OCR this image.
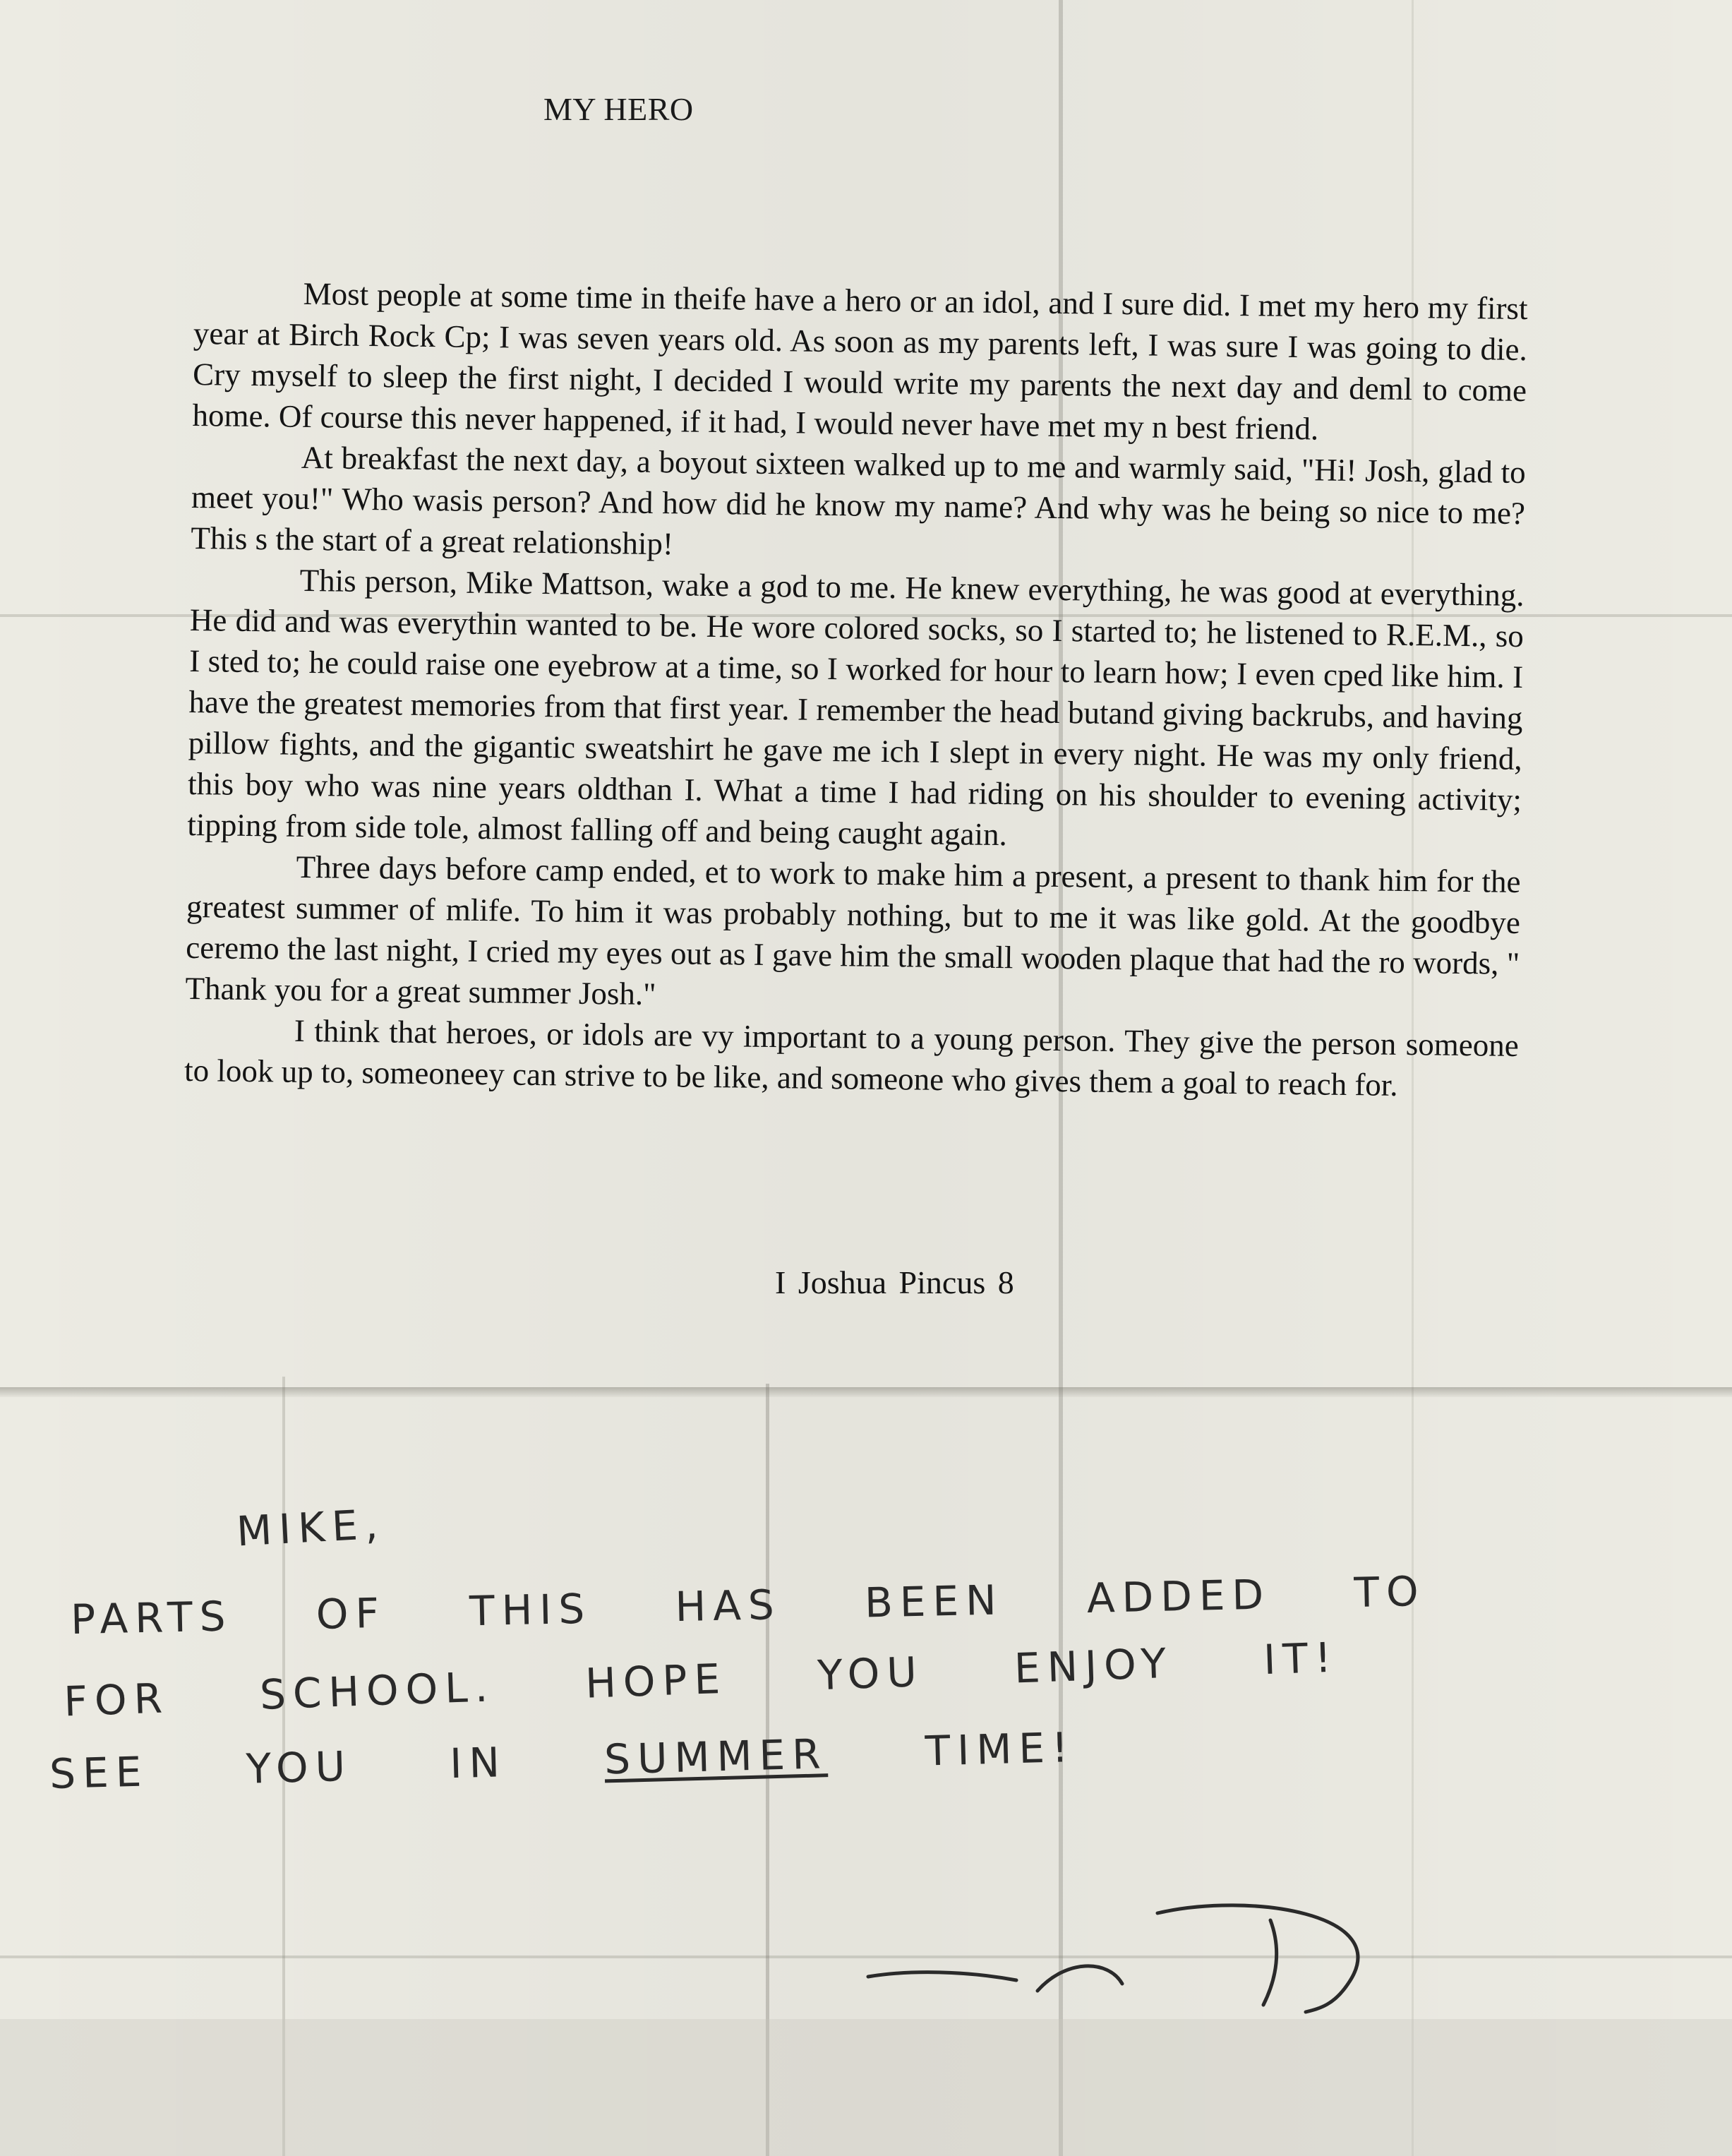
MY HERO

Most people at some time in theife have a hero or an idol, and I sure did. I met my hero my first year at Birch Rock Cp; I was seven years old. As soon as my parents left, I was sure I was going to die. Cry myself to sleep the first night, I decided I would write my parents the next day and deml to come home. Of course this never happened, if it had, I would never have met my n best friend.

At breakfast the next day, a boyout sixteen walked up to me and warmly said, "Hi! Josh, glad to meet you!" Who wasis person? And how did he know my name? And why was he being so nice to me? This s the start of a great relationship!

This person, Mike Mattson, wake a god to me. He knew everything, he was good at everything. He did and was everythin wanted to be. He wore colored socks, so I started to; he listened to R.E.M., so I sted to; he could raise one eyebrow at a time, so I worked for hour to learn how; I even cped like him. I have the greatest memories from that first year. I remember the head butand giving backrubs, and having pillow fights, and the gigantic sweatshirt he gave me ich I slept in every night. He was my only friend, this boy who was nine years oldthan I. What a time I had riding on his shoulder to evening activity; tipping from side tole, almost falling off and being caught again.

Three days before camp ended, et to work to make him a present, a present to thank him for the greatest summer of mlife. To him it was probably nothing, but to me it was like gold. At the goodbye ceremo the last night, I cried my eyes out as I gave him the small wooden plaque that had the ro words, " Thank you for a great summer Josh."

I think that heroes, or idols are vy important to a young person. They give the person someone to look up to, someoneey can strive to be like, and someone who gives them a goal to reach for.

I Joshua Pincus 8
MIKE,
PARTS OF THIS HAS BEEN ADDED TO
FOR SCHOOL. HOPE YOU ENJOY IT!
SEE YOU IN SUMMER TIME!
